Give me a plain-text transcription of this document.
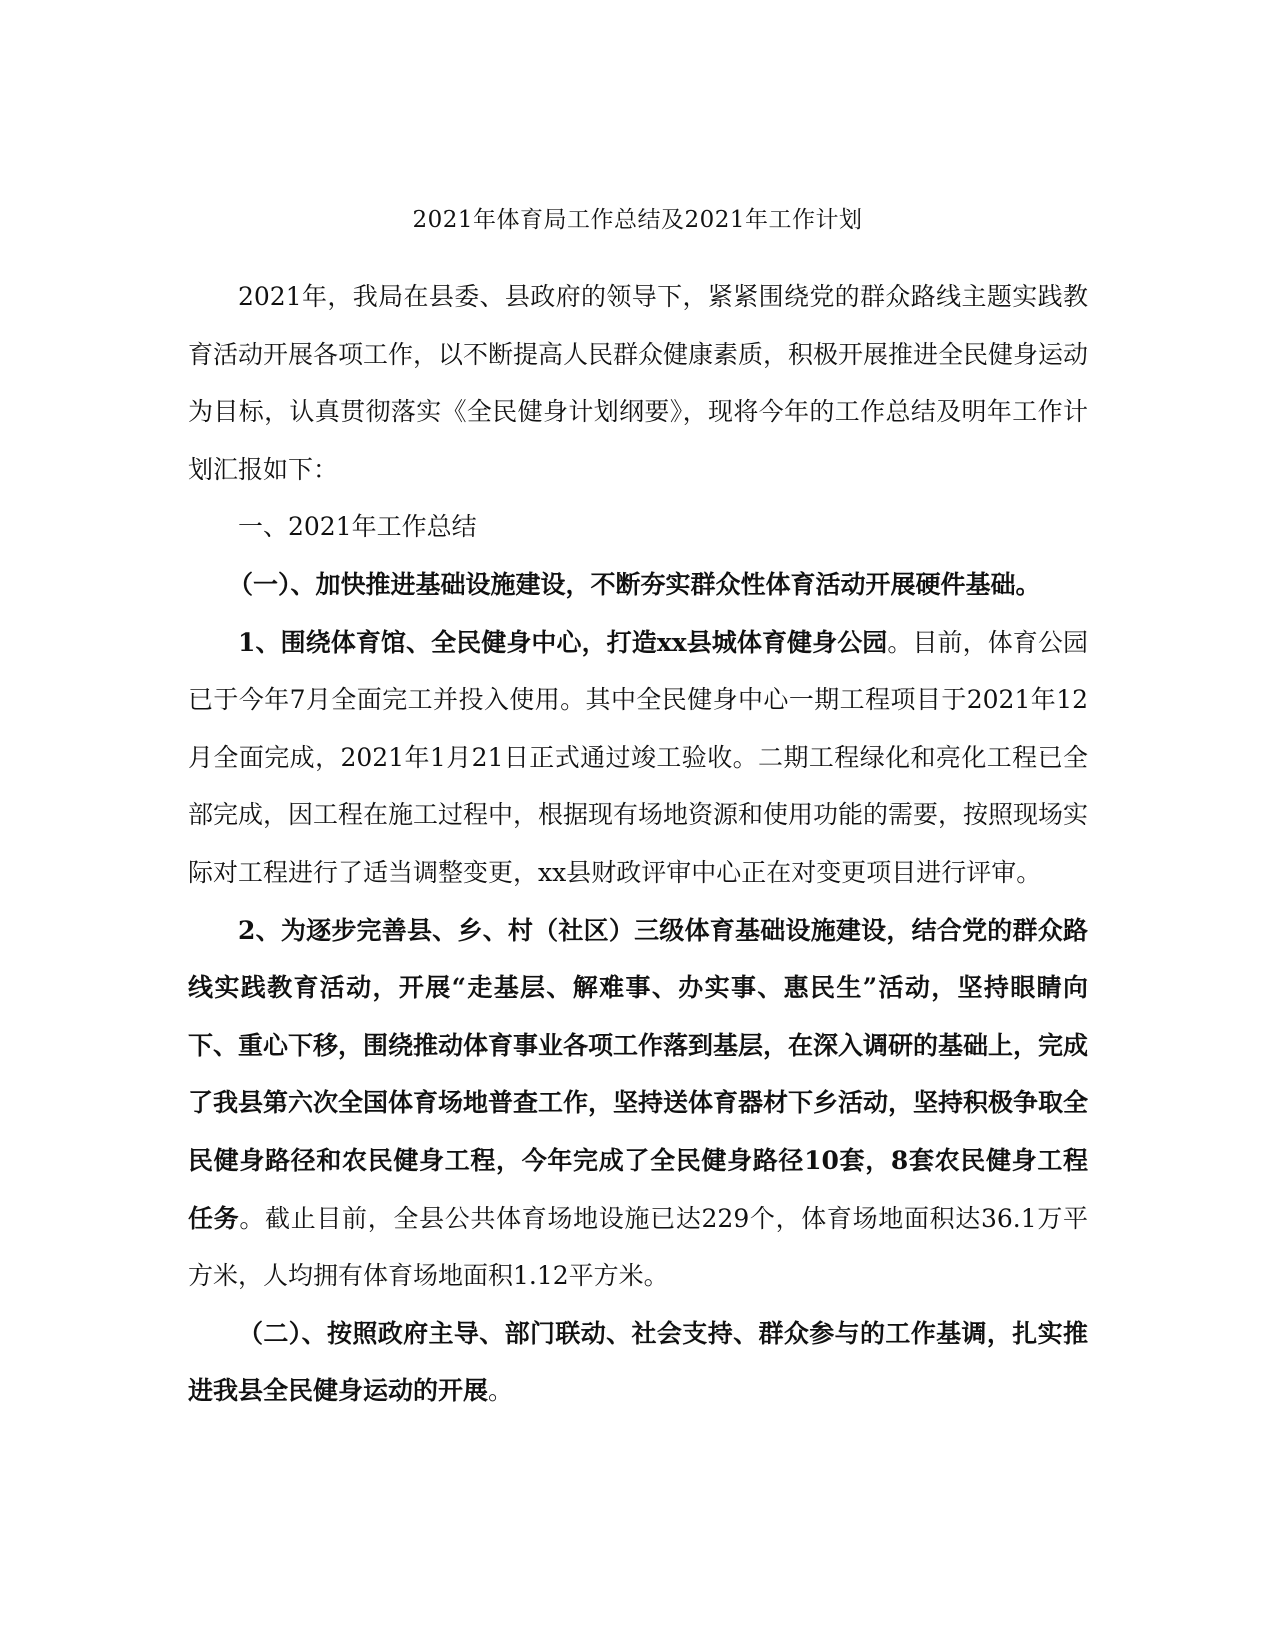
2021年体育局工作总结及2021年工作计划

2021年，我局在县委、县政府的领导下，紧紧围绕党的群众路线主题实践教育活动开展各项工作，以不断提高人民群众健康素质，积极开展推进全民健身运动为目标，认真贯彻落实《全民健身计划纲要》，现将今年的工作总结及明年工作计划汇报如下：

一、2021年工作总结

（一）、加快推进基础设施建设，不断夯实群众性体育活动开展硬件基础。

1、围绕体育馆、全民健身中心，打造xx县城体育健身公园。目前，体育公园已于今年7月全面完工并投入使用。其中全民健身中心一期工程项目于2021年12月全面完成，2021年1月21日正式通过竣工验收。二期工程绿化和亮化工程已全部完成，因工程在施工过程中，根据现有场地资源和使用功能的需要，按照现场实际对工程进行了适当调整变更，xx县财政评审中心正在对变更项目进行评审。

2、为逐步完善县、乡、村（社区）三级体育基础设施建设，结合党的群众路线实践教育活动，开展“走基层、解难事、办实事、惠民生”活动，坚持眼睛向下、重心下移，围绕推动体育事业各项工作落到基层，在深入调研的基础上，完成了我县第六次全国体育场地普查工作，坚持送体育器材下乡活动，坚持积极争取全民健身路径和农民健身工程，今年完成了全民健身路径10套，8套农民健身工程任务。截止目前，全县公共体育场地设施已达229个，体育场地面积达36.1万平方米，人均拥有体育场地面积1.12平方米。

（二）、按照政府主导、部门联动、社会支持、群众参与的工作基调，扎实推进我县全民健身运动的开展。
